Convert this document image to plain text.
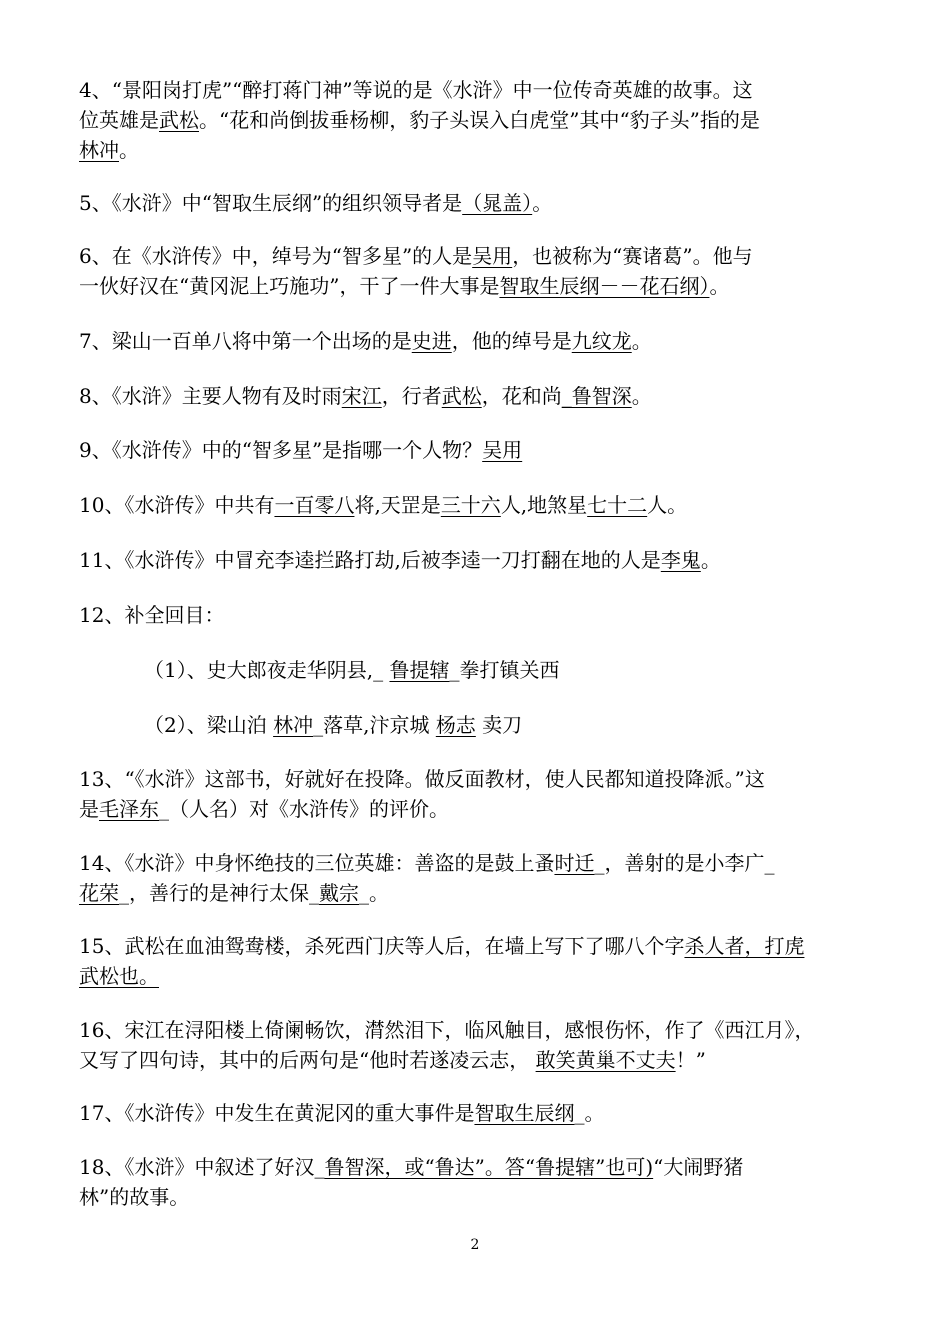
2
4、“景阳岗打虎”“醉打蒋门神”等说的是《水浒》中一位传奇英雄的故事。这
位英雄是武松。“花和尚倒拔垂杨柳，豹子头误入白虎堂”其中“豹子头”指的是
林冲。
5、《水浒》中“智取生辰纲”的组织领导者是（晁盖）。
6、在《水浒传》中，绰号为“智多星”的人是吴用，也被称为“赛诸葛”。他与
一伙好汉在“黄冈泥上巧施功”，干了一件大事是智取生辰纲－－花石纲）。
7、梁山一百单八将中第一个出场的是史进，他的绰号是九纹龙。
8、《水浒》主要人物有及时雨宋江，行者武松，花和尚_鲁智深。
9、《水浒传》中的“智多星”是指哪一个人物？吴用
10、《水浒传》中共有一百零八将,天罡是三十六人,地煞星七十二人。
11、《水浒传》中冒充李逵拦路打劫,后被李逵一刀打翻在地的人是李鬼。
12、补全回目：
（1）、史大郎夜走华阴县,_ 鲁提辖_拳打镇关西
（2）、梁山泊 林冲_落草,汴京城 杨志 卖刀
13、“《水浒》这部书，好就好在投降。做反面教材，使人民都知道投降派。”这
是毛泽东_（人名）对《水浒传》的评价。
14、《水浒》中身怀绝技的三位英雄：善盗的是鼓上蚤时迁_，善射的是小李广_
花荣_，善行的是神行太保_戴宗_。
15、武松在血油鸳鸯楼，杀死西门庆等人后，在墙上写下了哪八个字杀人者，打虎
武松也。
16、宋江在浔阳楼上倚阑畅饮，潸然泪下，临风触目，感恨伤怀，作了《西江月》，
又写了四句诗，其中的后两句是“他时若遂凌云志， 敢笑黄巢不丈夫！”
17、《水浒传》中发生在黄泥冈的重大事件是智取生辰纲_。
18、《水浒》中叙述了好汉_鲁智深，或“鲁达”。答“鲁提辖”也可)“大闹野猪
林”的故事。
